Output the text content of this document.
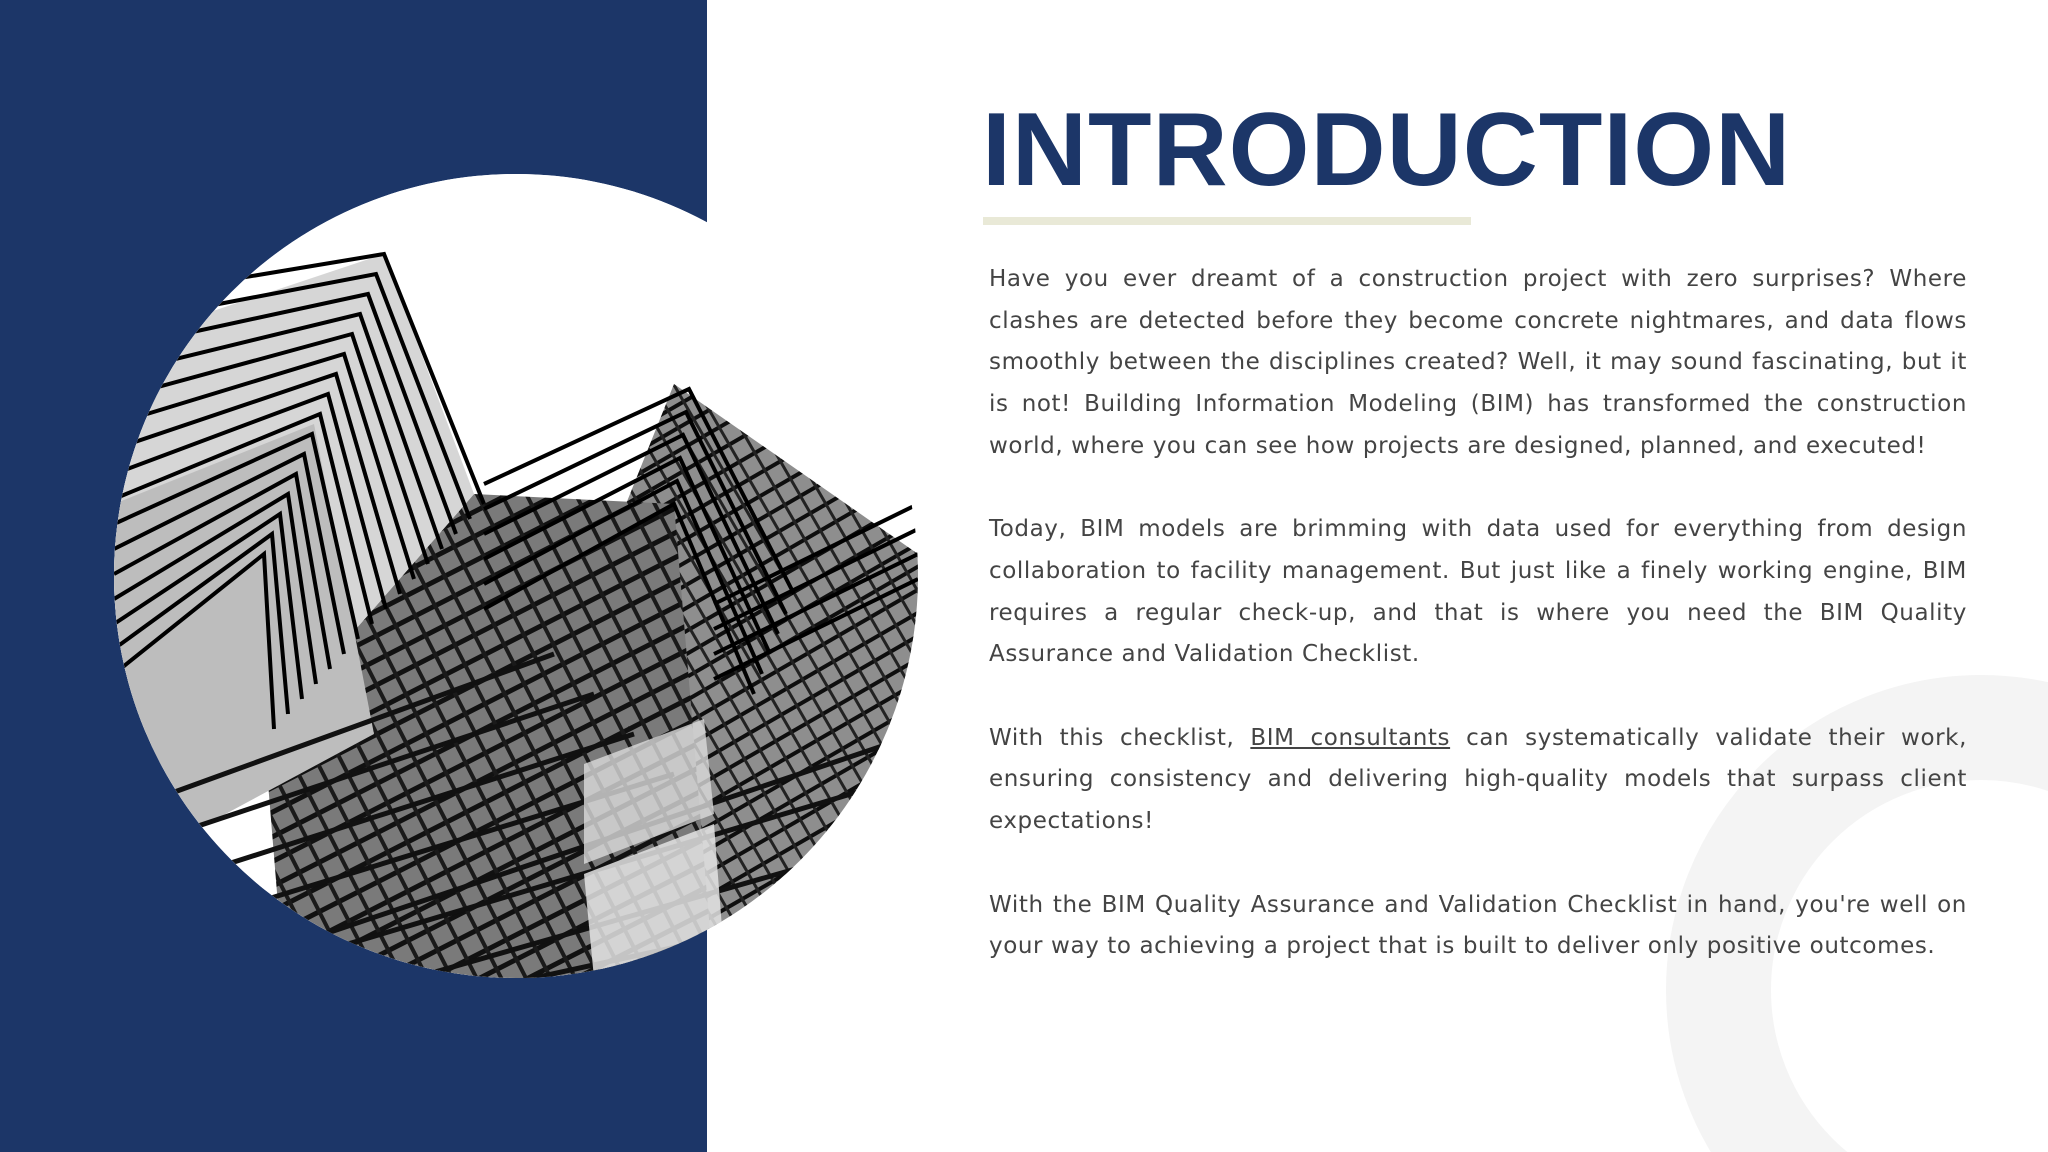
INTRODUCTION

Have you ever dreamt of a construction project with zero surprises? Where clashes are detected before they become concrete nightmares, and data flows smoothly between the disciplines created? Well, it may sound fascinating, but it is not! Building Information Modeling (BIM) has transformed the construction world, where you can see how projects are designed, planned, and executed!

Today, BIM models are brimming with data used for everything from design collaboration to facility management. But just like a finely working engine, BIM requires a regular check-up, and that is where you need the BIM Quality Assurance and Validation Checklist.

With this checklist, BIM consultants can systematically validate their work, ensuring consistency and delivering high-quality models that surpass client expectations!

With the BIM Quality Assurance and Validation Checklist in hand, you're well on your way to achieving a project that is built to deliver only positive outcomes.
